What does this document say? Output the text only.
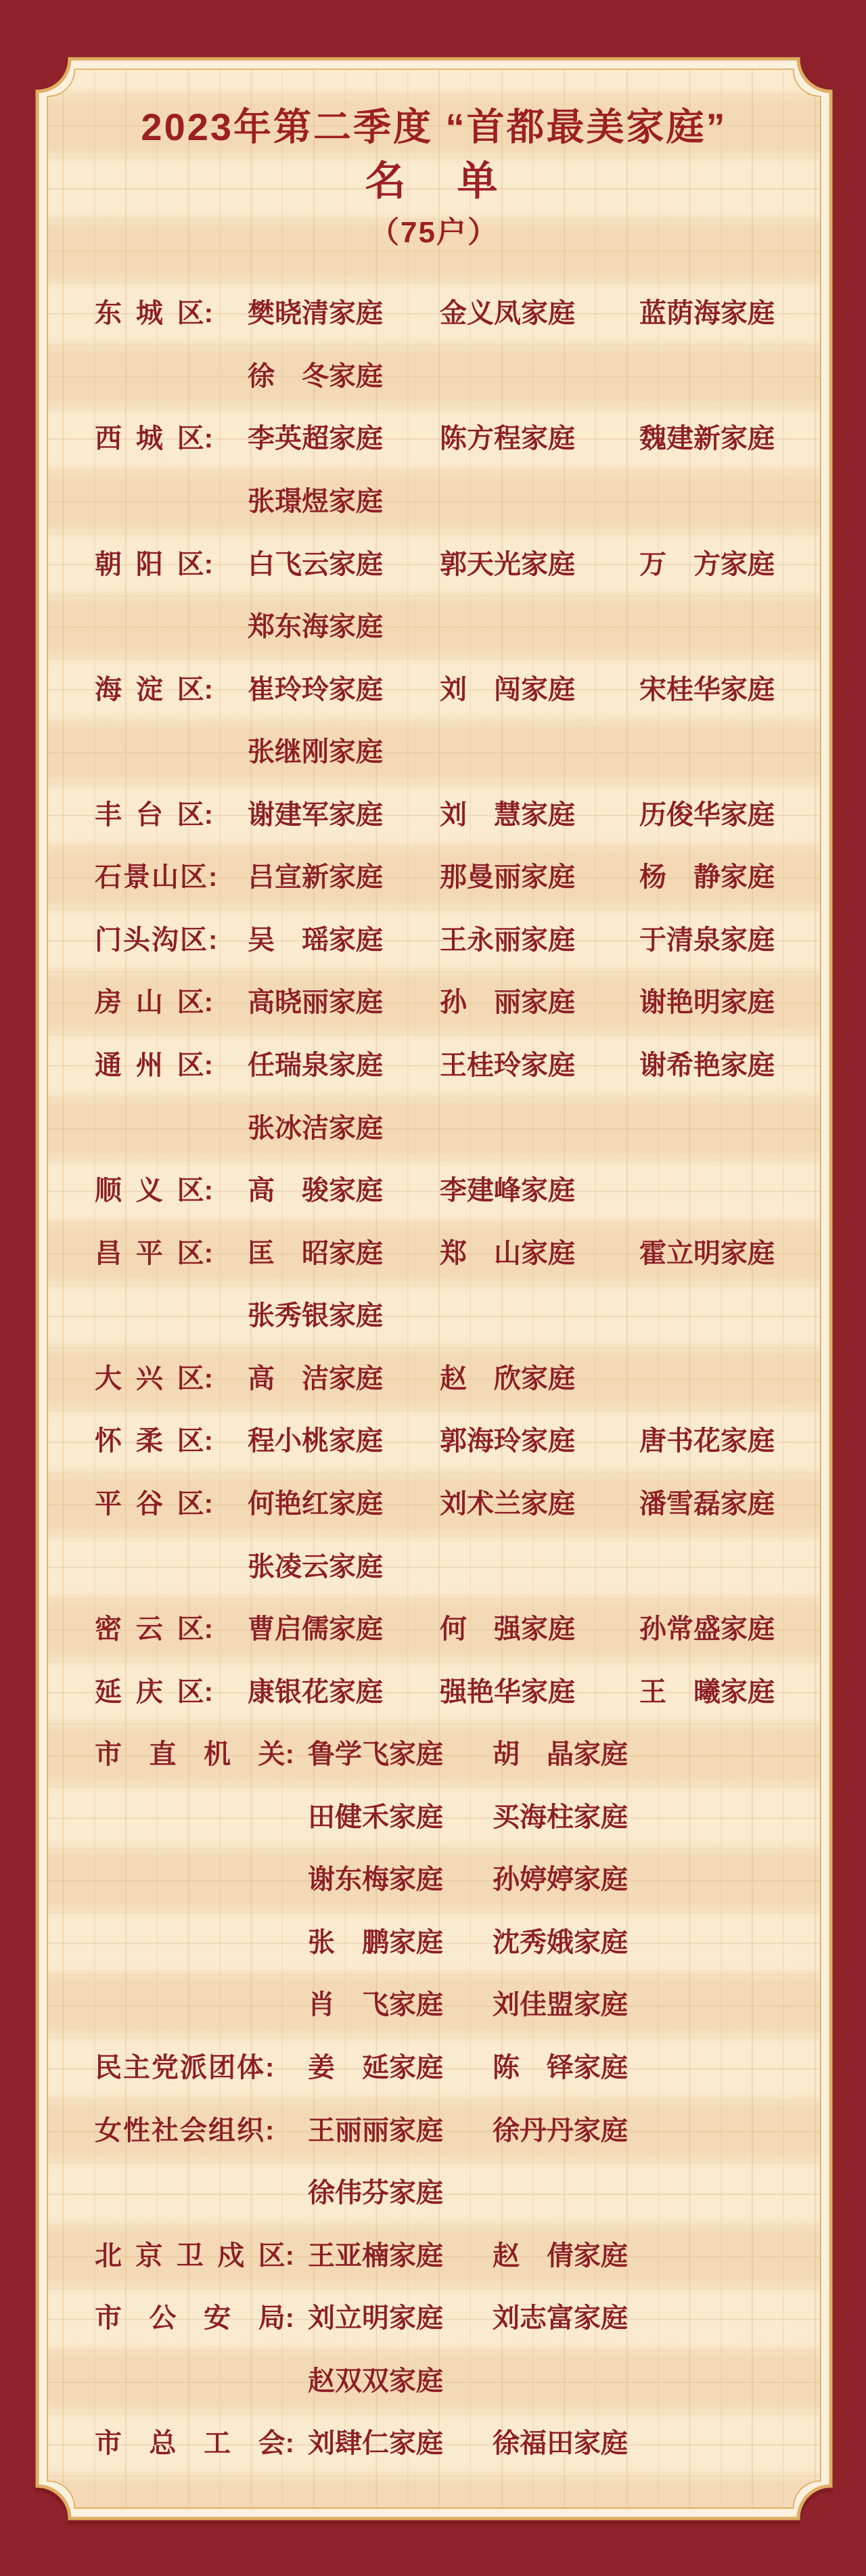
2023年第二季度 “首都最美家庭”
名　单
（75户）
东 城 区: 樊晓清家庭 金义凤家庭 蓝荫海家庭
徐　冬家庭
西 城 区: 李英超家庭 陈方程家庭 魏建新家庭
张璟煜家庭
朝 阳 区: 白飞云家庭 郭天光家庭 万　方家庭
郑东海家庭
海 淀 区: 崔玲玲家庭 刘　闯家庭 宋桂华家庭
张继刚家庭
丰 台 区: 谢建军家庭 刘　慧家庭 历俊华家庭
石景山区: 吕宣新家庭 那曼丽家庭 杨　静家庭
门头沟区: 吴　瑶家庭 王永丽家庭 于清泉家庭
房 山 区: 高晓丽家庭 孙　丽家庭 谢艳明家庭
通 州 区: 任瑞泉家庭 王桂玲家庭 谢希艳家庭
张冰洁家庭
顺 义 区: 高　骏家庭 李建峰家庭
昌 平 区: 匡　昭家庭 郑　山家庭 霍立明家庭
张秀银家庭
大 兴 区: 高　洁家庭 赵　欣家庭
怀 柔 区: 程小桃家庭 郭海玲家庭 唐书花家庭
平 谷 区: 何艳红家庭 刘术兰家庭 潘雪磊家庭
张凌云家庭
密 云 区: 曹启儒家庭 何　强家庭 孙常盛家庭
延 庆 区: 康银花家庭 强艳华家庭 王　曦家庭
市 直 机 关: 鲁学飞家庭 胡　晶家庭
田健禾家庭 买海柱家庭
谢东梅家庭 孙婷婷家庭
张　鹏家庭 沈秀娥家庭
肖　飞家庭 刘佳盟家庭
民主党派团体: 姜　延家庭 陈　铎家庭
女性社会组织: 王丽丽家庭 徐丹丹家庭
徐伟芬家庭
北 京 卫 戍 区: 王亚楠家庭 赵　倩家庭
市 公 安 局: 刘立明家庭 刘志富家庭
赵双双家庭
市 总 工 会: 刘肆仁家庭 徐福田家庭
